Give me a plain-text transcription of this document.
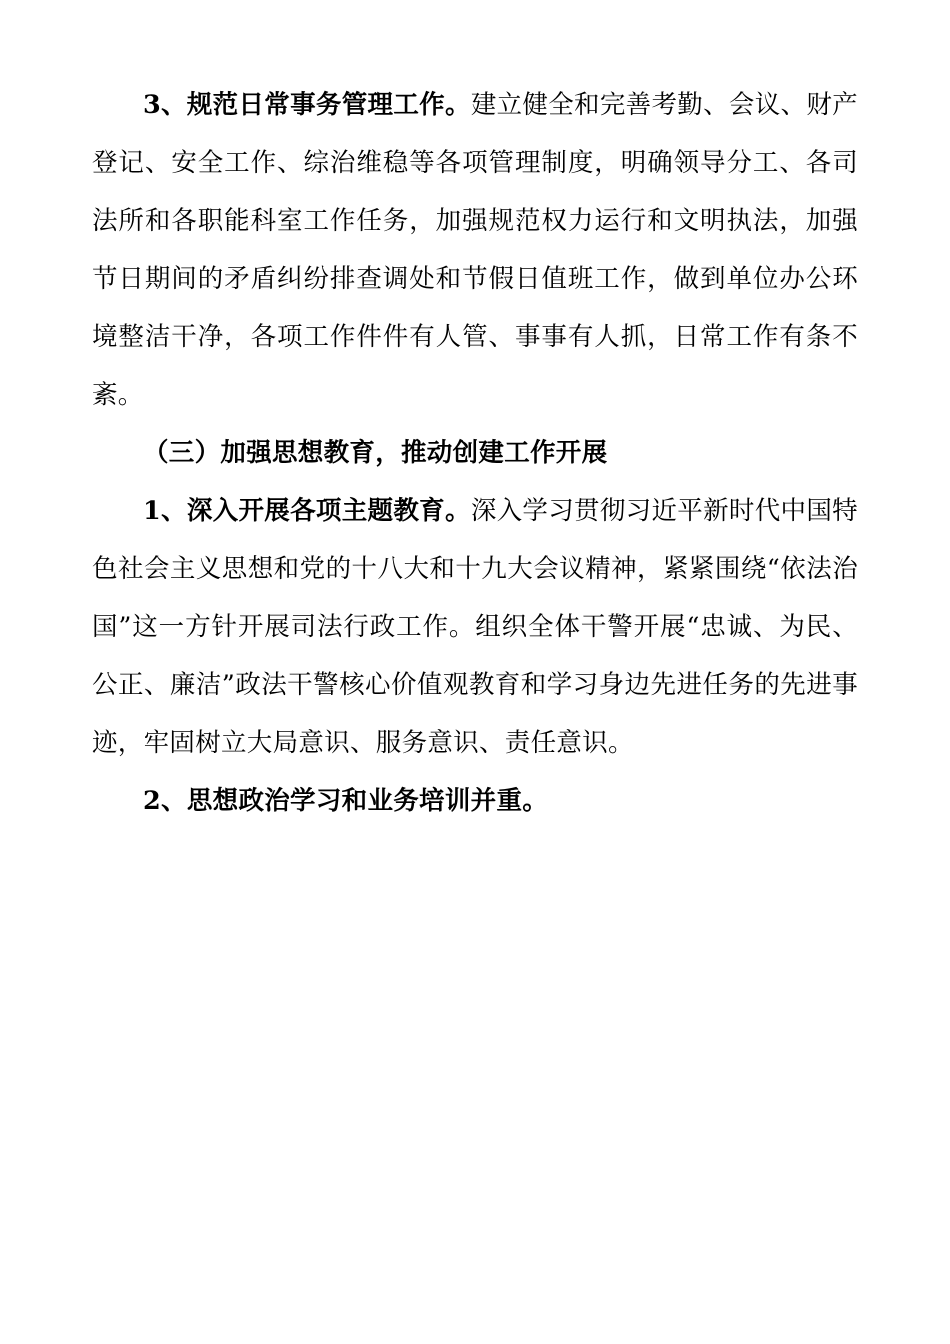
3、规范日常事务管理工作。建立健全和完善考勤、会议、财产登记、安全工作、综治维稳等各项管理制度，明确领导分工、各司法所和各职能科室工作任务，加强规范权力运行和文明执法，加强节日期间的矛盾纠纷排查调处和节假日值班工作，做到单位办公环境整洁干净，各项工作件件有人管、事事有人抓，日常工作有条不紊。

（三）加强思想教育，推动创建工作开展

1、深入开展各项主题教育。深入学习贯彻习近平新时代中国特色社会主义思想和党的十八大和十九大会议精神，紧紧围绕“依法治国”这一方针开展司法行政工作。组织全体干警开展“忠诚、为民、公正、廉洁”政法干警核心价值观教育和学习身边先进任务的先进事迹，牢固树立大局意识、服务意识、责任意识。

2、思想政治学习和业务培训并重。
